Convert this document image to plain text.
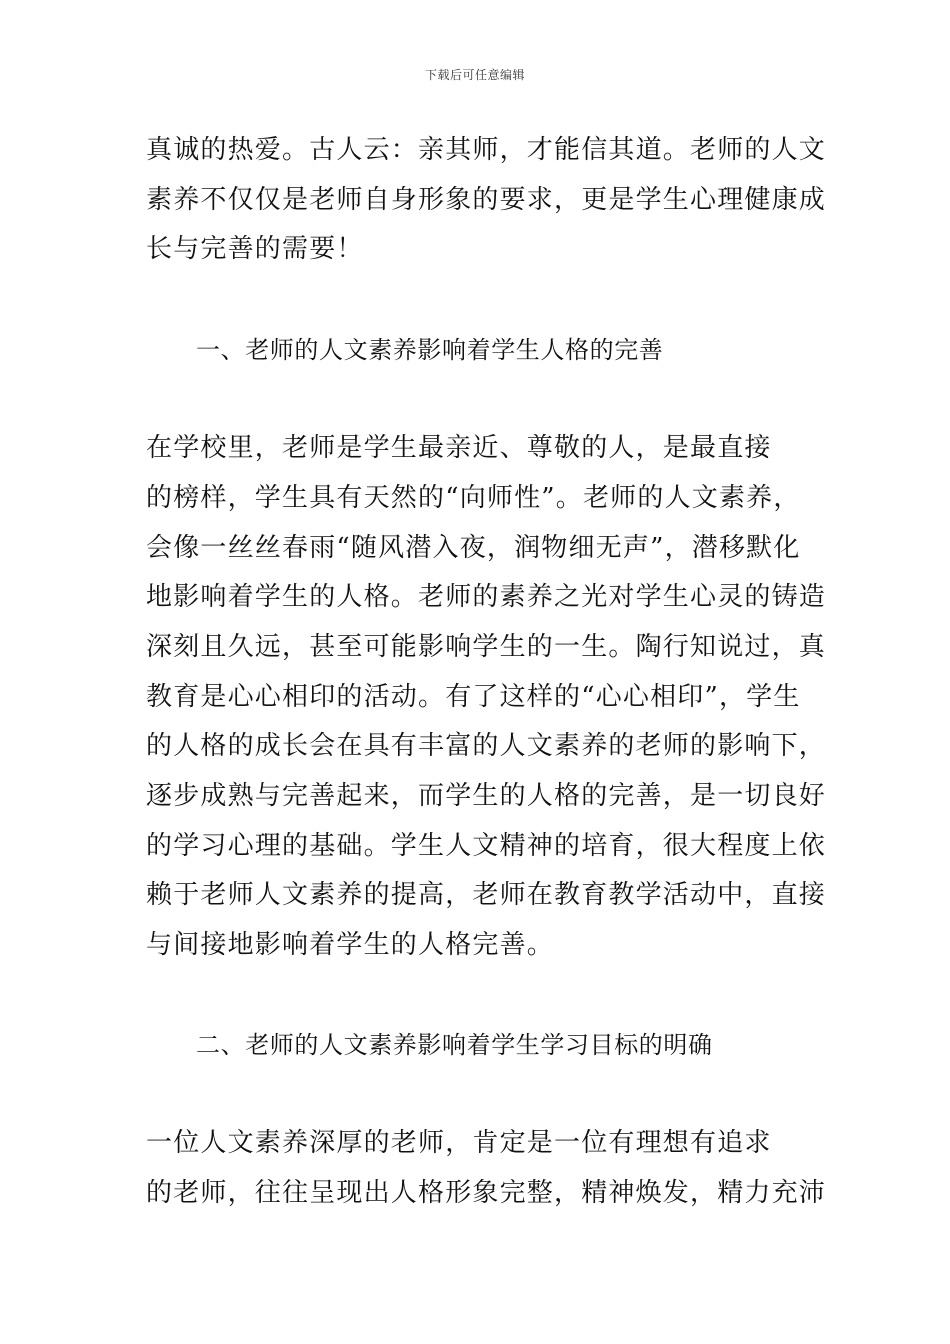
下载后可任意编辑
真诚的热爱。古人云：亲其师，才能信其道。老师的人文
素养不仅仅是老师自身形象的要求，更是学生心理健康成
长与完善的需要！
一、老师的人文素养影响着学生人格的完善
在学校里，老师是学生最亲近、尊敬的人，是最直接
的榜样，学生具有天然的“向师性”。老师的人文素养，
会像一丝丝春雨“随风潜入夜，润物细无声”，潜移默化
地影响着学生的人格。老师的素养之光对学生心灵的铸造
深刻且久远，甚至可能影响学生的一生。陶行知说过，真
教育是心心相印的活动。有了这样的“心心相印”，学生
的人格的成长会在具有丰富的人文素养的老师的影响下，
逐步成熟与完善起来，而学生的人格的完善，是一切良好
的学习心理的基础。学生人文精神的培育，很大程度上依
赖于老师人文素养的提高，老师在教育教学活动中，直接
与间接地影响着学生的人格完善。
二、老师的人文素养影响着学生学习目标的明确
一位人文素养深厚的老师，肯定是一位有理想有追求
的老师，往往呈现出人格形象完整，精神焕发，精力充沛
